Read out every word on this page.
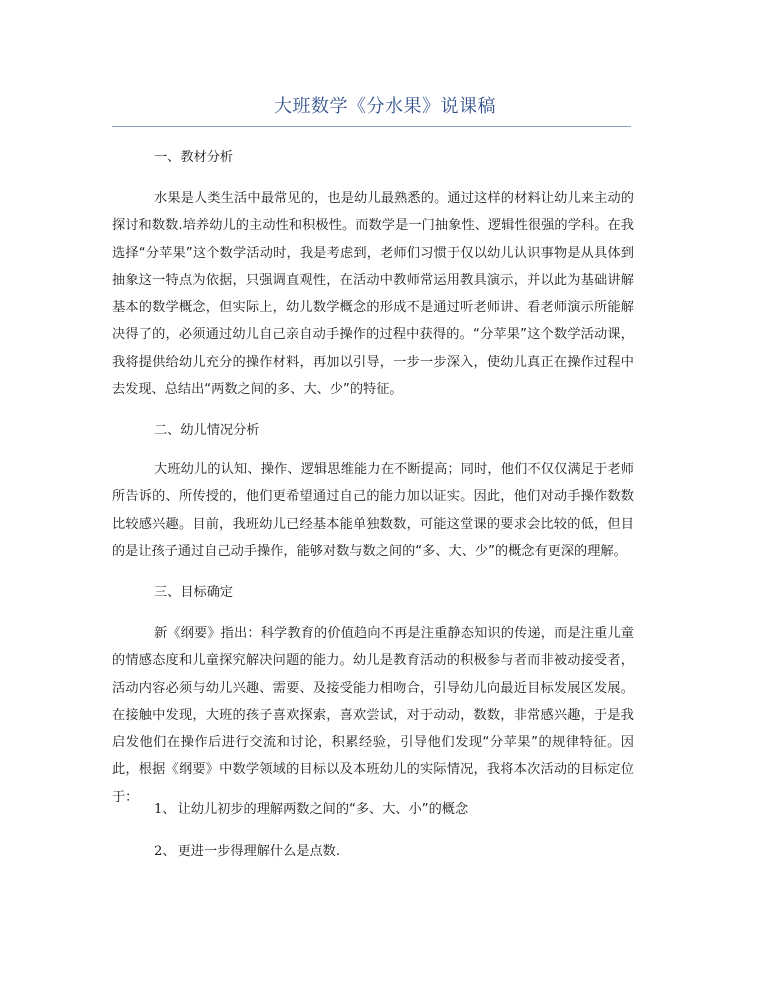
大班数学《分水果》说课稿
一、教材分析
水果是人类生活中最常见的，也是幼儿最熟悉的。通过这样的材料让幼儿来主动的探讨和数数.培养幼儿的主动性和积极性。而数学是一门抽象性、逻辑性很强的学科。在我选择“分苹果”这个数学活动时，我是考虑到，老师们习惯于仅以幼儿认识事物是从具体到抽象这一特点为依据，只强调直观性，在活动中教师常运用教具演示，并以此为基础讲解基本的数学概念，但实际上，幼儿数学概念的形成不是通过听老师讲、看老师演示所能解决得了的，必须通过幼儿自己亲自动手操作的过程中获得的。“分苹果”这个数学活动课，我将提供给幼儿充分的操作材料，再加以引导，一步一步深入，使幼儿真正在操作过程中去发现、总结出“两数之间的多、大、少”的特征。
二、幼儿情况分析
大班幼儿的认知、操作、逻辑思维能力在不断提高；同时，他们不仅仅满足于老师所告诉的、所传授的，他们更希望通过自己的能力加以证实。因此，他们对动手操作数数比较感兴趣。目前，我班幼儿已经基本能单独数数，可能这堂课的要求会比较的低，但目的是让孩子通过自己动手操作，能够对数与数之间的“多、大、少”的概念有更深的理解。
三、目标确定
新《纲要》指出：科学教育的价值趋向不再是注重静态知识的传递，而是注重儿童的情感态度和儿童探究解决问题的能力。幼儿是教育活动的积极参与者而非被动接受者，活动内容必须与幼儿兴趣、需要、及接受能力相吻合，引导幼儿向最近目标发展区发展。在接触中发现，大班的孩子喜欢探索，喜欢尝试，对于动动，数数，非常感兴趣，于是我启发他们在操作后进行交流和讨论，积累经验，引导他们发现“分苹果”的规律特征。因此，根据《纲要》中数学领域的目标以及本班幼儿的实际情况，我将本次活动的目标定位于：
1、 让幼儿初步的理解两数之间的“多、大、小”的概念
2、 更进一步得理解什么是点数.
